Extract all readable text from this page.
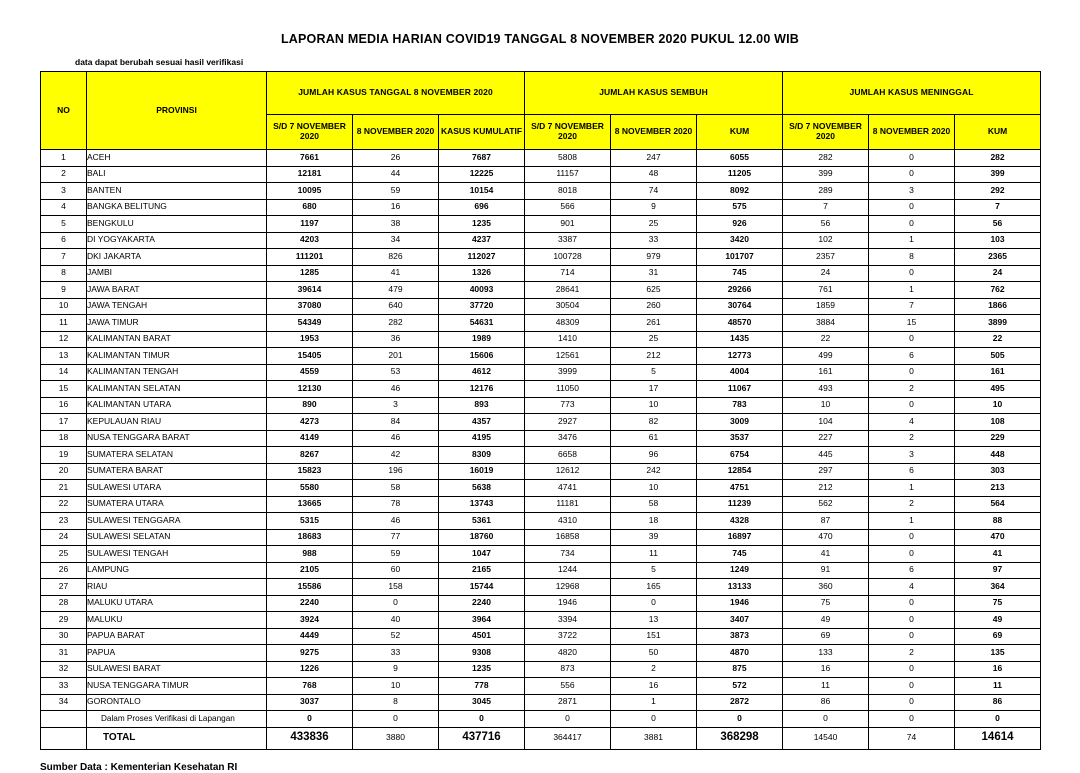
LAPORAN MEDIA HARIAN COVID19 TANGGAL 8 NOVEMBER 2020 PUKUL 12.00 WIB
data dapat berubah sesuai hasil verifikasi
NO	PROVINSI	JUMLAH KASUS TANGGAL 8 NOVEMBER 2020			JUMLAH KASUS SEMBUH			JUMLAH KASUS MENINGGAL		
		S/D 7 NOVEMBER 2020	8 NOVEMBER 2020	KASUS KUMULATIF	S/D 7 NOVEMBER 2020	8 NOVEMBER 2020	KUM	S/D 7 NOVEMBER 2020	8 NOVEMBER 2020	KUM
1	ACEH	7661	26	7687	5808	247	6055	282	0	282
2	BALI	12181	44	12225	11157	48	11205	399	0	399
3	BANTEN	10095	59	10154	8018	74	8092	289	3	292
4	BANGKA BELITUNG	680	16	696	566	9	575	7	0	7
5	BENGKULU	1197	38	1235	901	25	926	56	0	56
6	DI YOGYAKARTA	4203	34	4237	3387	33	3420	102	1	103
7	DKI JAKARTA	111201	826	112027	100728	979	101707	2357	8	2365
8	JAMBI	1285	41	1326	714	31	745	24	0	24
9	JAWA BARAT	39614	479	40093	28641	625	29266	761	1	762
10	JAWA TENGAH	37080	640	37720	30504	260	30764	1859	7	1866
11	JAWA TIMUR	54349	282	54631	48309	261	48570	3884	15	3899
12	KALIMANTAN BARAT	1953	36	1989	1410	25	1435	22	0	22
13	KALIMANTAN TIMUR	15405	201	15606	12561	212	12773	499	6	505
14	KALIMANTAN TENGAH	4559	53	4612	3999	5	4004	161	0	161
15	KALIMANTAN SELATAN	12130	46	12176	11050	17	11067	493	2	495
16	KALIMANTAN UTARA	890	3	893	773	10	783	10	0	10
17	KEPULAUAN RIAU	4273	84	4357	2927	82	3009	104	4	108
18	NUSA TENGGARA BARAT	4149	46	4195	3476	61	3537	227	2	229
19	SUMATERA SELATAN	8267	42	8309	6658	96	6754	445	3	448
20	SUMATERA BARAT	15823	196	16019	12612	242	12854	297	6	303
21	SULAWESI UTARA	5580	58	5638	4741	10	4751	212	1	213
22	SUMATERA UTARA	13665	78	13743	11181	58	11239	562	2	564
23	SULAWESI TENGGARA	5315	46	5361	4310	18	4328	87	1	88
24	SULAWESI SELATAN	18683	77	18760	16858	39	16897	470	0	470
25	SULAWESI TENGAH	988	59	1047	734	11	745	41	0	41
26	LAMPUNG	2105	60	2165	1244	5	1249	91	6	97
27	RIAU	15586	158	15744	12968	165	13133	360	4	364
28	MALUKU UTARA	2240	0	2240	1946	0	1946	75	0	75
29	MALUKU	3924	40	3964	3394	13	3407	49	0	49
30	PAPUA BARAT	4449	52	4501	3722	151	3873	69	0	69
31	PAPUA	9275	33	9308	4820	50	4870	133	2	135
32	SULAWESI BARAT	1226	9	1235	873	2	875	16	0	16
33	NUSA TENGGARA TIMUR	768	10	778	556	16	572	11	0	11
34	GORONTALO	3037	8	3045	2871	1	2872	86	0	86
	Dalam Proses Verifikasi di Lapangan	0	0	0	0	0	0	0	0	0
	TOTAL	433836	3880	437716	364417	3881	368298	14540	74	14614
Sumber Data : Kementerian Kesehatan RI
